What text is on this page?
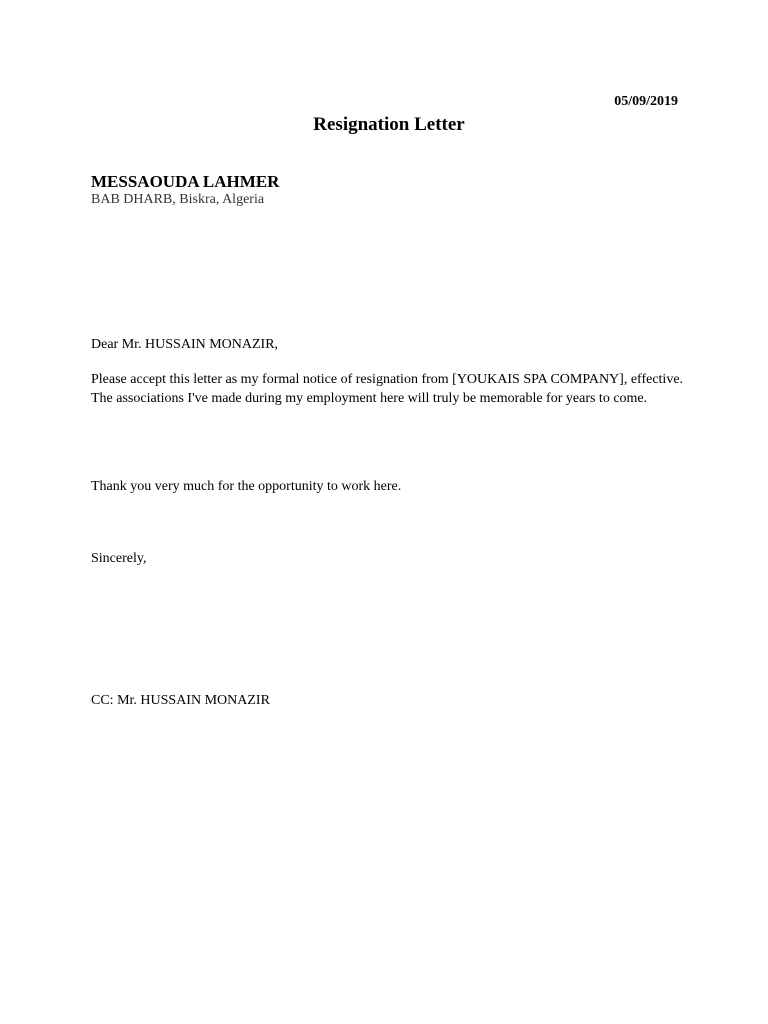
05/09/2019
Resignation Letter
MESSAOUDA LAHMER
BAB DHARB, Biskra, Algeria
Dear Mr. HUSSAIN MONAZIR,
Please accept this letter as my formal notice of resignation from [YOUKAIS SPA COMPANY], effective. The associations I've made during my employment here will truly be memorable for years to come.
Thank you very much for the opportunity to work here.
Sincerely,
CC: Mr. HUSSAIN MONAZIR
